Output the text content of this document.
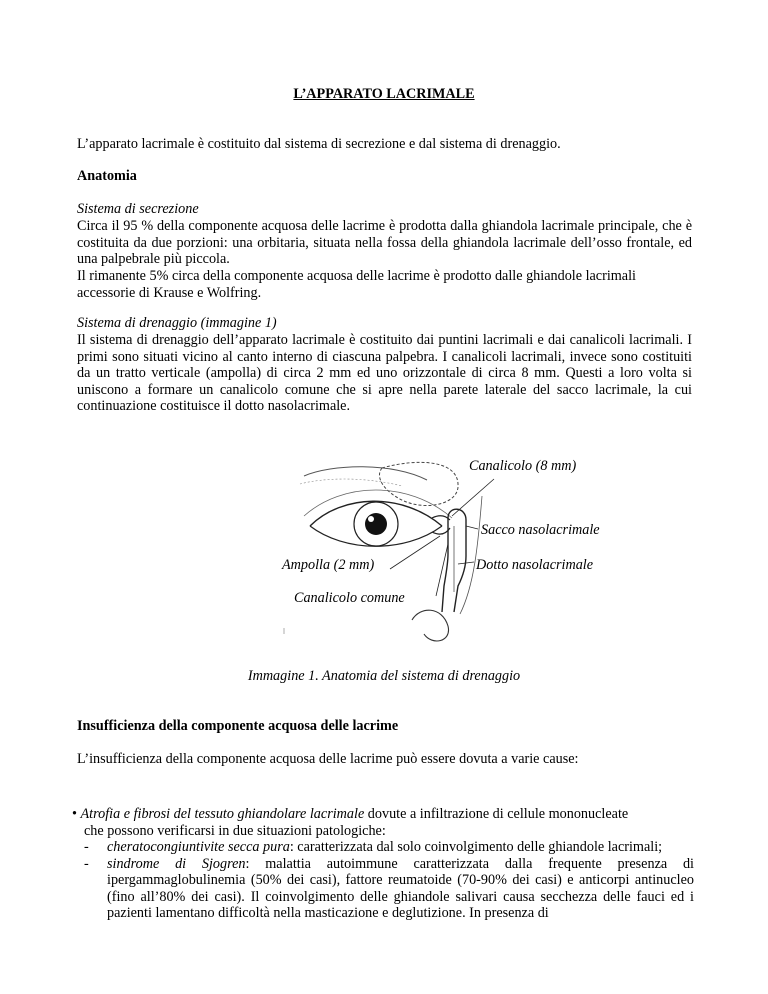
L’APPARATO LACRIMALE
L’apparato lacrimale è costituito dal sistema di secrezione e dal sistema di drenaggio.
Anatomia
Sistema di secrezione
Circa il 95 % della componente acquosa delle lacrime è prodotta dalla ghiandola lacrimale principale, che è costituita da due porzioni: una orbitaria, situata nella fossa della ghiandola lacrimale dell’osso frontale, ed una palpebrale più piccola.
Il rimanente 5% circa della componente acquosa delle lacrime è prodotto dalle ghiandole lacrimali accessorie di Krause e Wolfring.
Sistema di drenaggio (immagine 1)
Il sistema di drenaggio dell’apparato lacrimale è costituito dai puntini lacrimali e dai canalicoli lacrimali. I primi sono situati vicino al canto interno di ciascuna palpebra. I canalicoli lacrimali, invece sono costituiti da un tratto verticale (ampolla) di circa 2 mm ed uno orizzontale di circa 8 mm. Questi a loro volta si uniscono a formare un canalicolo comune che si apre nella parete laterale del sacco lacrimale, la cui continuazione costituisce il dotto nasolacrimale.
Canalicolo (8 mm)
Sacco nasolacrimale
Ampolla (2 mm)	Dotto nasolacrimale
Canalicolo comune
Immagine 1. Anatomia del sistema di drenaggio
Insufficienza della componente acquosa delle lacrime
L’insufficienza della componente acquosa delle lacrime può essere dovuta a varie cause:
• Atrofia e fibrosi del tessuto ghiandolare lacrimale dovute a infiltrazione di cellule mononucleate
che possono verificarsi in due situazioni patologiche:
- cheratocongiuntivite secca pura: caratterizzata dal solo coinvolgimento delle ghiandole lacrimali;
- sindrome di Sjogren: malattia autoimmune caratterizzata dalla frequente presenza di ipergammaglobulinemia (50% dei casi), fattore reumatoide (70-90% dei casi) e anticorpi antinucleo (fino all’80% dei casi). Il coinvolgimento delle ghiandole salivari causa secchezza delle fauci ed i pazienti lamentano difficoltà nella masticazione e deglutizione. In presenza di
